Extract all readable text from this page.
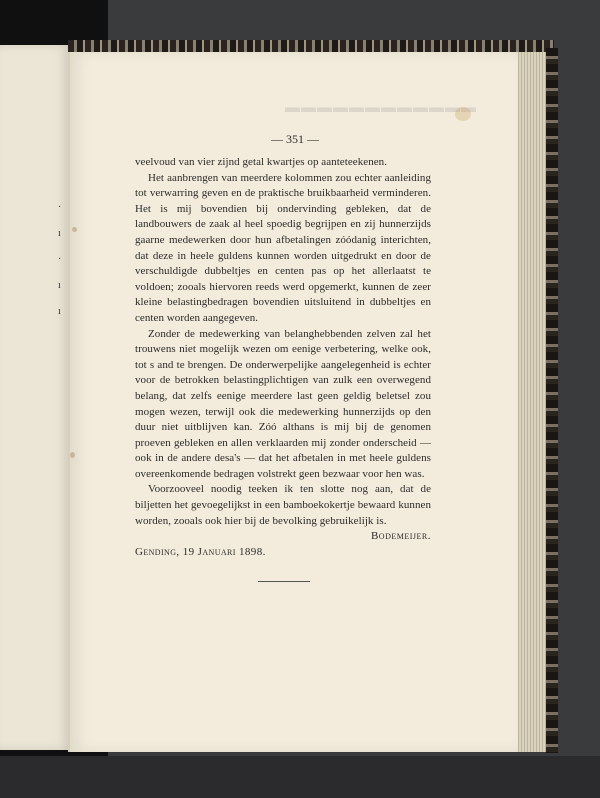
·
ı
·
ı
ı
▬▬▬▬▬▬▬▬▬▬▬▬
— 351 —

veelvoud van vier zijnd getal kwartjes op aanteteekenen.

Het aanbrengen van meerdere kolommen zou echter aanleiding tot verwarring geven en de praktische bruikbaarheid verminderen. Het is mij bovendien bij ondervinding gebleken, dat de landbouwers de zaak al heel spoedig begrijpen en zij hunnerzijds gaarne medewerken door hun afbetalingen zóódanig interichten, dat deze in heele guldens kunnen worden uitgedrukt en door de verschuldigde dubbeltjes en centen pas op het allerlaatst te voldoen; zooals hiervoren reeds werd opgemerkt, kunnen de zeer kleine belastingbedragen bovendien uitsluitend in dubbeltjes en centen worden aangegeven.

Zonder de medewerking van belanghebbenden zelven zal het trouwens niet mogelijk wezen om eenige verbetering, welke ook, tot s and te brengen. De onderwerpelijke aangelegenheid is echter voor de betrokken belastingplichtigen van zulk een overwegend belang, dat zelfs eenige meerdere last geen geldig beletsel zou mogen wezen, terwijl ook die medewerking hunnerzijds op den duur niet uitblijven kan. Zóó althans is mij bij de genomen proeven gebleken en allen verklaarden mij zonder onderscheid — ook in de andere desa's — dat het afbetalen in met heele guldens overeenkomende bedragen volstrekt geen bezwaar voor hen was.

Voorzooveel noodig teeken ik ten slotte nog aan, dat de biljetten het gevoegelijkst in een bamboekokertje bewaard kunnen worden, zooals ook hier bij de bevolking gebruikelijk is.

Bodemeijer.

Gending, 19 Januari 1898.
